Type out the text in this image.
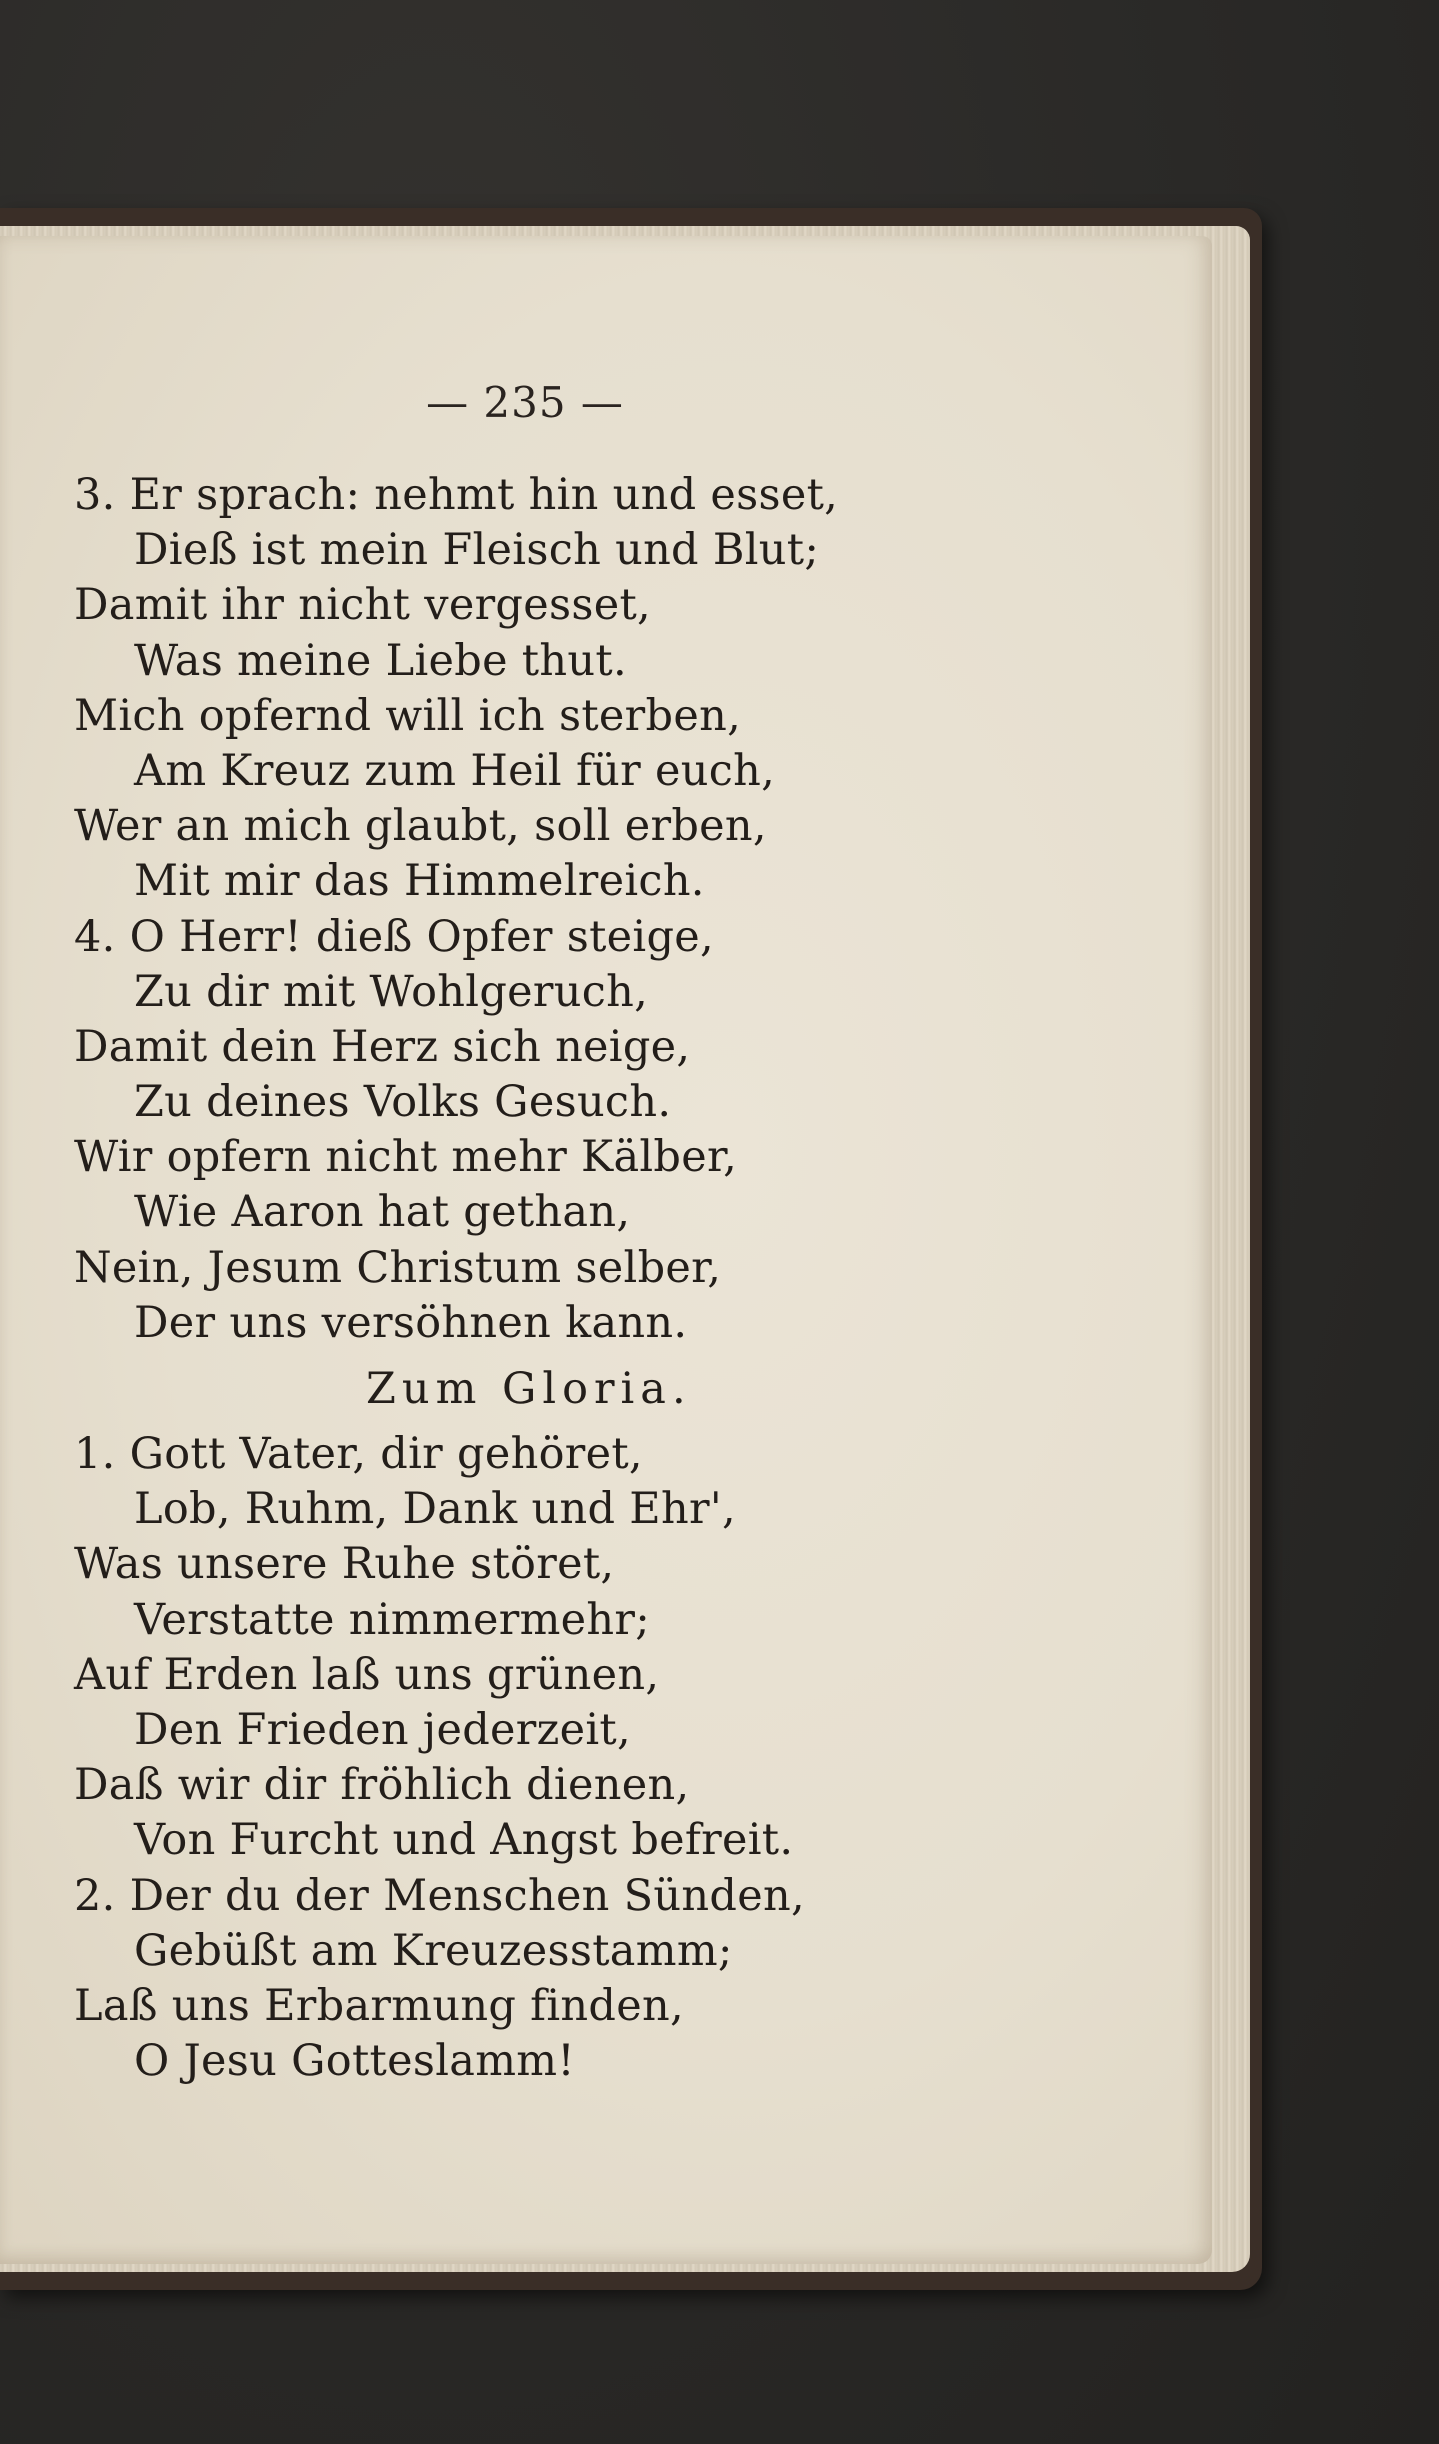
— 235 —
3. Er sprach: nehmt hin und esset,
Dieß ist mein Fleisch und Blut;
Damit ihr nicht vergesset,
Was meine Liebe thut.
Mich opfernd will ich sterben,
Am Kreuz zum Heil für euch,
Wer an mich glaubt, soll erben,
Mit mir das Himmelreich.
4. O Herr! dieß Opfer steige,
Zu dir mit Wohlgeruch,
Damit dein Herz sich neige,
Zu deines Volks Gesuch.
Wir opfern nicht mehr Kälber,
Wie Aaron hat gethan,
Nein, Jesum Christum selber,
Der uns versöhnen kann.
Zum Gloria.
1. Gott Vater, dir gehöret,
Lob, Ruhm, Dank und Ehr',
Was unsere Ruhe störet,
Verstatte nimmermehr;
Auf Erden laß uns grünen,
Den Frieden jederzeit,
Daß wir dir fröhlich dienen,
Von Furcht und Angst befreit.
2. Der du der Menschen Sünden,
Gebüßt am Kreuzesstamm;
Laß uns Erbarmung finden,
O Jesu Gotteslamm!
